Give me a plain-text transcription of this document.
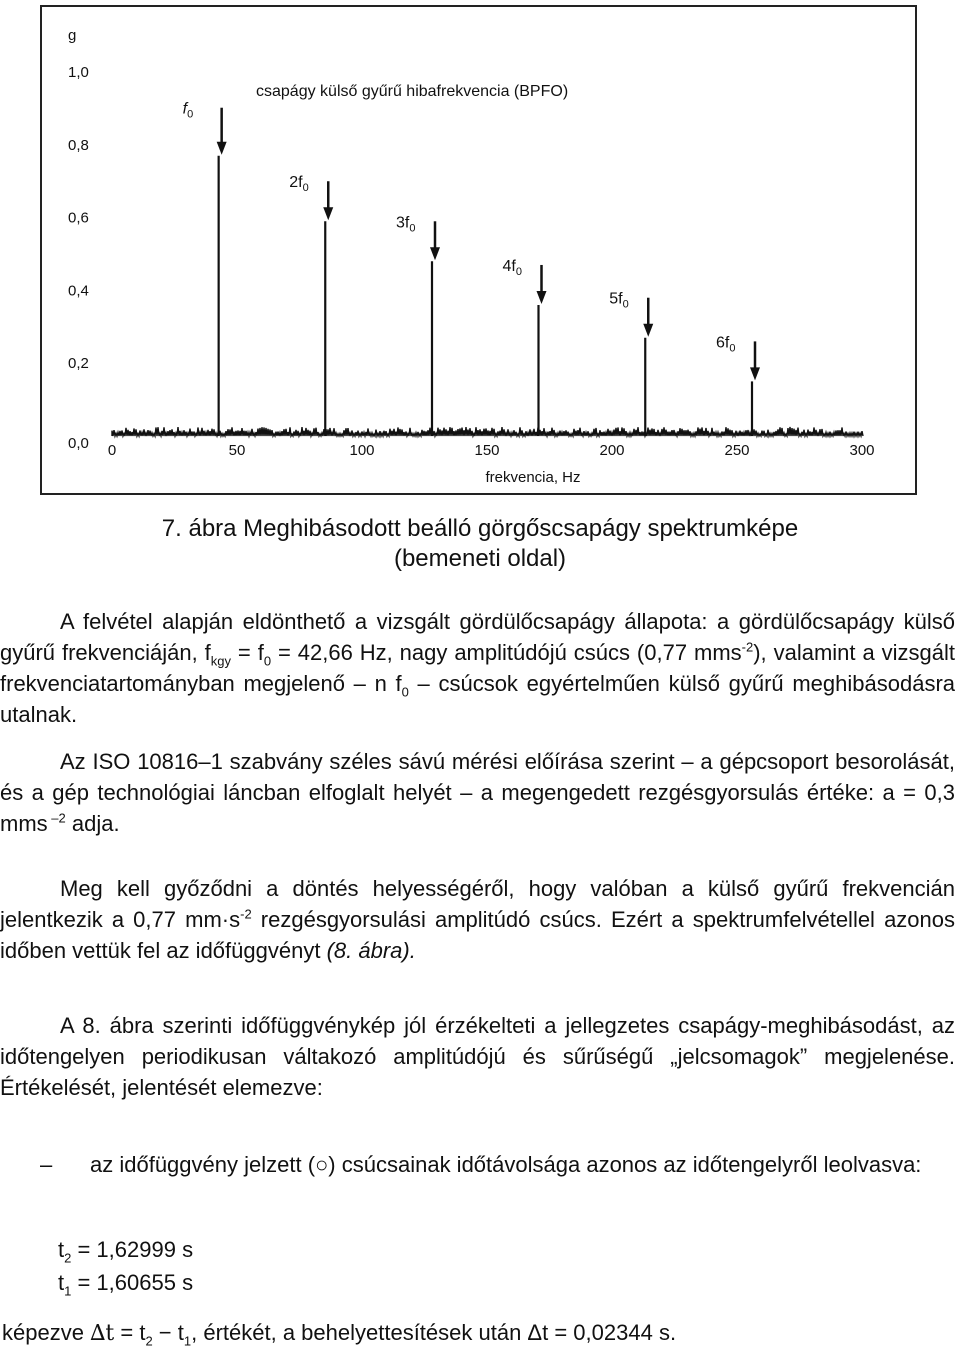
g
0,0
0,2
0,4
0,6
0,8
1,0
0	50	100	150	200	250	300
frekvencia, Hz
csapágy külső gyűrű hibafrekvencia (BPFO)
$f_0$
$2f_0$
$3f_0$
$4f_0$
$5f_0$
$6f_0$
7. ábra Meghibásodott beálló görgőscsapágy spektrumképe
(bemeneti oldal)

A felvétel alapján eldönthető a vizsgált gördülőcsapágy állapota: a gördülőcsapágy külső gyűrű frekvenciáján, $f_{kgy} = f_0 = 42,66$ Hz, nagy amplitúdójú csúcs (0,77 mms$^{-2}$), valamint a vizsgált frekvenciatartományban megjelenő – n $f_0$ – csúcsok egyértelműen külső gyűrű meghibásodásra utalnak.

Az ISO 10816–1 szabvány széles sávú mérési előírása szerint – a gépcsoport besorolását, és a gép technológiai láncban elfoglalt helyét – a megengedett rezgésgyorsulás értéke: a = 0,3 mms $^{-2}$ adja.

Meg kell győződni a döntés helyességéről, hogy valóban a külső gyűrű frekvencián jelentkezik a 0,77 $mm\cdot s^{-2}$ rezgésgyorsulási amplitúdó csúcs. Ezért a spektrumfelvétellel azonos időben vettük fel az időfüggvényt (8. ábra).

A 8. ábra szerinti időfüggvénykép jól érzékelteti a jellegzetes csapágy-meghibásodást, az időtengelyen periodikusan váltakozó amplitúdójú és sűrűségű „jelcsomagok” megjelenése. Értékelését, jelentését elemezve:

– az időfüggvény jelzett (○) csúcsainak időtávolsága azonos az időtengelyről leolvasva:
$t_2 = 1,62999$ s
$t_1 = 1,60655$ s
képezve $\Delta t = t_2 - t_1$, értékét, a behelyettesítések után Δt = 0,02344 s.
